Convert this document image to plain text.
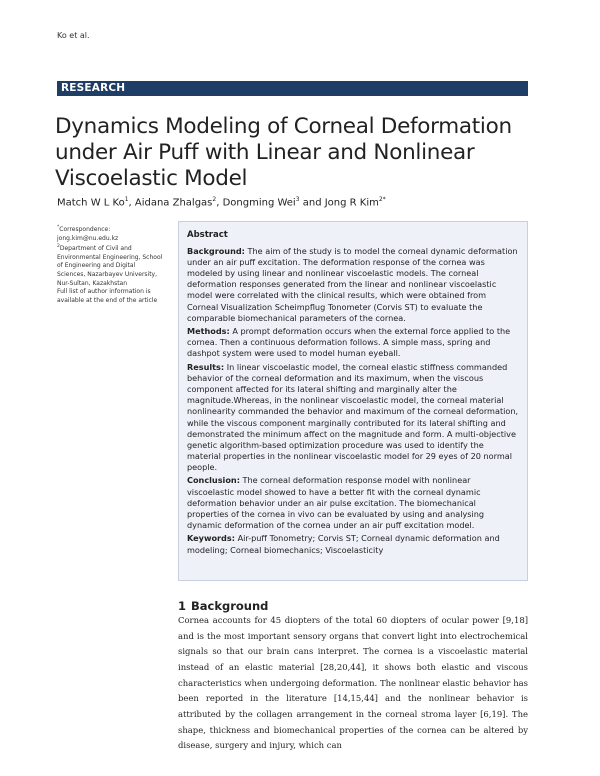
Ko et al.
RESEARCH
Dynamics Modeling of Corneal Deformation under Air Puff with Linear and Nonlinear Viscoelastic Model
Match W L Ko$^1$, Aidana Zhalgas$^2$, Dongming Wei$^3$ and Jong R Kim$^{2*}$
*Correspondence:
jong.kim@nu.edu.kz
$^2$Department of Civil and Environmental Engineering, School of Engineering and Digital Sciences, Nazarbayev University, Nur-Sultan, Kazakhstan
Full list of author information is available at the end of the article
Abstract

Background: The aim of the study is to model the corneal dynamic deformation under an air puff excitation. The deformation response of the cornea was modeled by using linear and nonlinear viscoelastic models. The corneal deformation responses generated from the linear and nonlinear viscoelastic model were correlated with the clinical results, which were obtained from Corneal Visualization Scheimpflug Tonometer (Corvis ST) to evaluate the comparable biomechanical parameters of the cornea.

Methods: A prompt deformation occurs when the external force applied to the cornea. Then a continuous deformation follows. A simple mass, spring and dashpot system were used to model human eyeball.

Results: In linear viscoelastic model, the corneal elastic stiffness commanded behavior of the corneal deformation and its maximum, when the viscous component affected for its lateral shifting and marginally alter the magnitude.Whereas, in the nonlinear viscoelastic model, the corneal material nonlinearity commanded the behavior and maximum of the corneal deformation, while the viscous component marginally contributed for its lateral shifting and demonstrated the minimum affect on the magnitude and form. A multi-objective genetic algorithm-based optimization procedure was used to identify the material properties in the nonlinear viscoelastic model for 29 eyes of 20 normal people.

Conclusion: The corneal deformation response model with nonlinear viscoelastic model showed to have a better fit with the corneal dynamic deformation behavior under an air pulse excitation. The biomechanical properties of the cornea in vivo can be evaluated by using and analysing dynamic deformation of the cornea under an air puff excitation model.

Keywords: Air-puff Tonometry; Corvis ST; Corneal dynamic deformation and modeling; Corneal biomechanics; Viscoelasticity

1 Background
Cornea accounts for 45 diopters of the total 60 diopters of ocular power [9,18] and is the most important sensory organs that convert light into electrochemical signals so that our brain cans interpret. The cornea is a viscoelastic material instead of an elastic material [28,20,44], it shows both elastic and viscous characteristics when undergoing deformation. The nonlinear elastic behavior has been reported in the literature [14,15,44] and the nonlinear behavior is attributed by the collagen arrangement in the corneal stroma layer [6,19]. The shape, thickness and biomechanical properties of the cornea can be altered by disease, surgery and injury, which can
